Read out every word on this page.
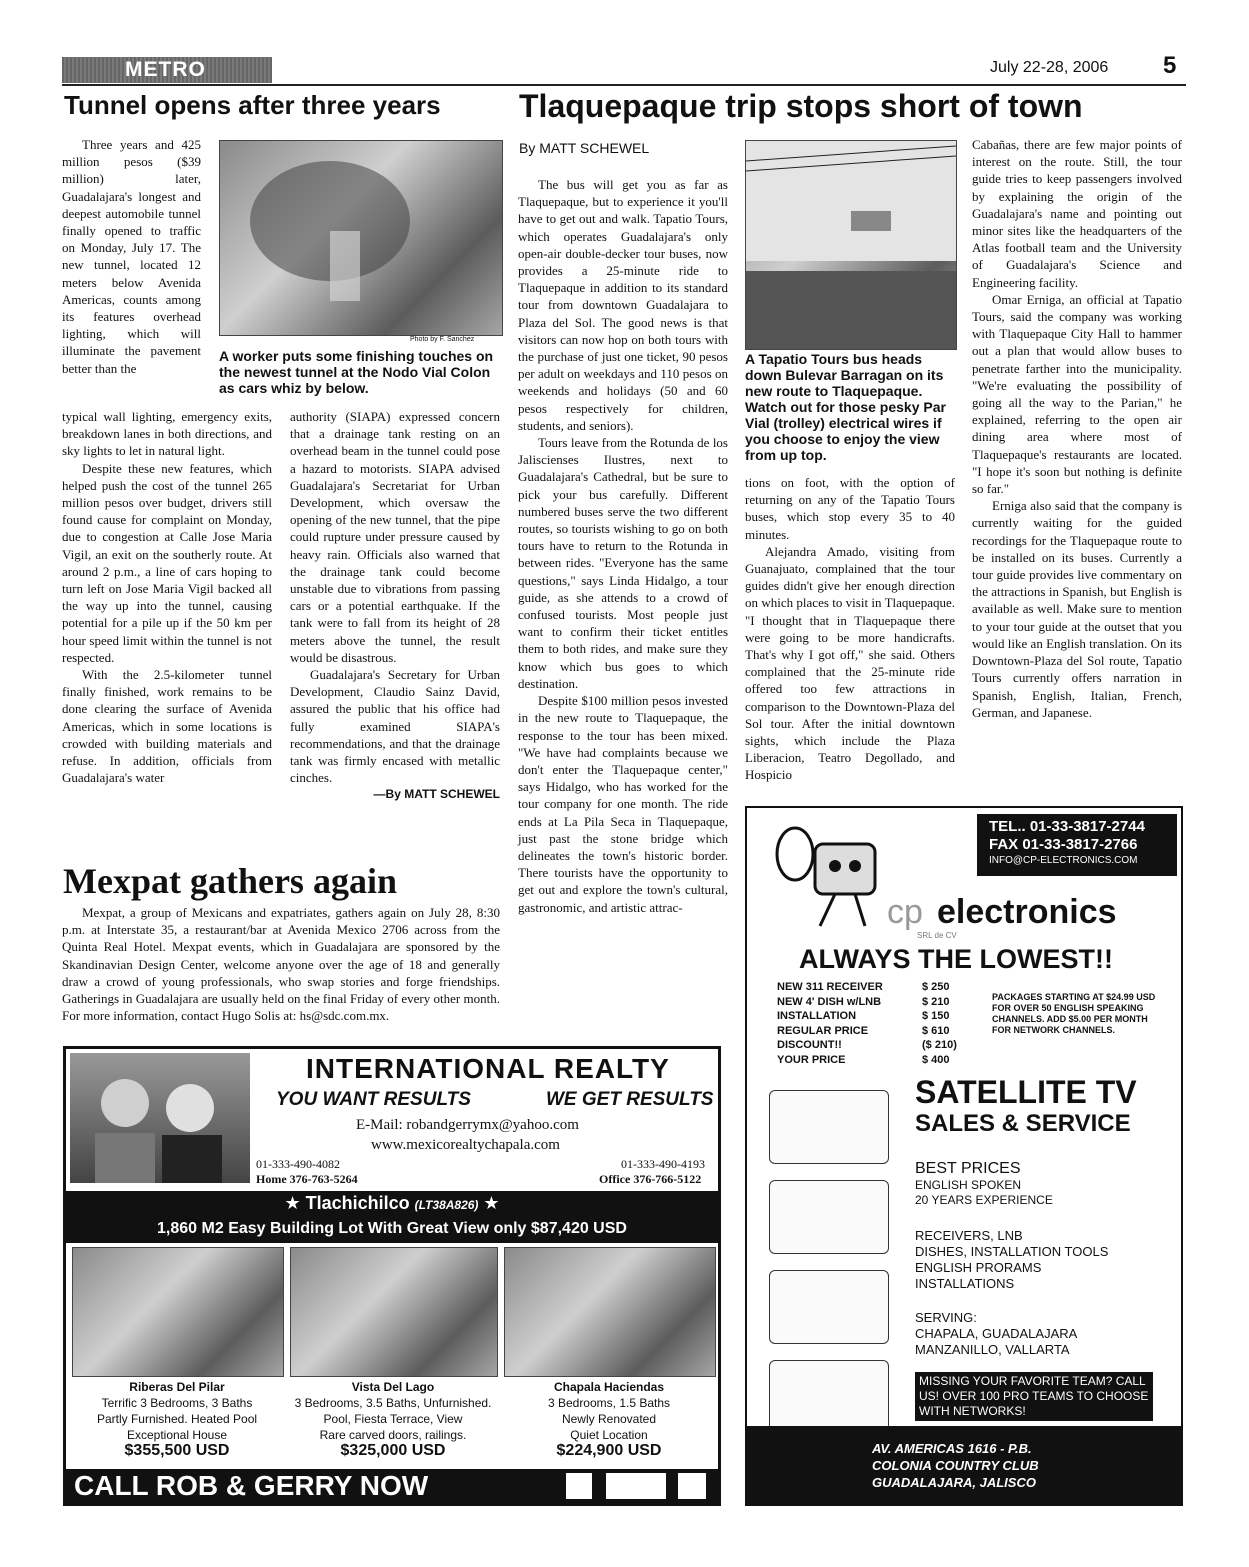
METRO	July 22-28, 2006 5
Tunnel opens after three years

Three years and 425 million pesos ($39 million) later, Guadalajara's longest and deepest automobile tunnel finally opened to traffic on Monday, July 17. The new tunnel, located 12 meters below Avenida Americas, counts among its features overhead lighting, which will illuminate the pavement better than the

Photo by F. Sanchez
A worker puts some finishing touches on the newest tunnel at the Nodo Vial Colon as cars whiz by below.

typical wall lighting, emergency exits, breakdown lanes in both directions, and sky lights to let in natural light.

Despite these new features, which helped push the cost of the tunnel 265 million pesos over budget, drivers still found cause for complaint on Monday, due to congestion at Calle Jose Maria Vigil, an exit on the southerly route. At around 2 p.m., a line of cars hoping to turn left on Jose Maria Vigil backed all the way up into the tunnel, causing potential for a pile up if the 50 km per hour speed limit within the tunnel is not respected.

With the 2.5-kilometer tunnel finally finished, work remains to be done clearing the surface of Avenida Americas, which in some locations is crowded with building materials and refuse. In addition, officials from Guadalajara's water

authority (SIAPA) expressed concern that a drainage tank resting on an overhead beam in the tunnel could pose a hazard to motorists. SIAPA advised Guadalajara's Secretariat for Urban Development, which oversaw the opening of the new tunnel, that the pipe could rupture under pressure caused by heavy rain. Officials also warned that the drainage tank could become unstable due to vibrations from passing cars or a potential earthquake. If the tank were to fall from its height of 28 meters above the tunnel, the result would be disastrous.

Guadalajara's Secretary for Urban Development, Claudio Sainz David, assured the public that his office had fully examined SIAPA's recommendations, and that the drainage tank was firmly encased with metallic cinches.

—By MATT SCHEWEL
Mexpat gathers again

Mexpat, a group of Mexicans and expatriates, gathers again on July 28, 8:30 p.m. at Interstate 35, a restaurant/bar at Avenida Mexico 2706 across from the Quinta Real Hotel. Mexpat events, which in Guadalajara are sponsored by the Skandinavian Design Center, welcome anyone over the age of 18 and generally draw a crowd of young professionals, who swap stories and forge friendships. Gatherings in Guadalajara are usually held on the final Friday of every other month. For more information, contact Hugo Solis at: hs@sdc.com.mx.

Tlaquepaque trip stops short of town
By MATT SCHEWEL

The bus will get you as far as Tlaquepaque, but to experience it you'll have to get out and walk. Tapatio Tours, which operates Guadalajara's only open-air double-decker tour buses, now provides a 25-minute ride to Tlaquepaque in addition to its standard tour from downtown Guadalajara to Plaza del Sol. The good news is that visitors can now hop on both tours with the purchase of just one ticket, 90 pesos per adult on weekdays and 110 pesos on weekends and holidays (50 and 60 pesos respectively for children, students, and seniors).

Tours leave from the Rotunda de los Jaliscienses Ilustres, next to Guadalajara's Cathedral, but be sure to pick your bus carefully. Different numbered buses serve the two different routes, so tourists wishing to go on both tours have to return to the Rotunda in between rides. "Everyone has the same questions," says Linda Hidalgo, a tour guide, as she attends to a crowd of confused tourists. Most people just want to confirm their ticket entitles them to both rides, and make sure they know which bus goes to which destination.

Despite $100 million pesos invested in the new route to Tlaquepaque, the response to the tour has been mixed. "We have had complaints because we don't enter the Tlaquepaque center," says Hidalgo, who has worked for the tour company for one month. The ride ends at La Pila Seca in Tlaquepaque, just past the stone bridge which delineates the town's historic border. There tourists have the opportunity to get out and explore the town's cultural, gastronomic, and artistic attrac-

A Tapatio Tours bus heads down Bulevar Barragan on its new route to Tlaquepaque. Watch out for those pesky Par Vial (trolley) electrical wires if you choose to enjoy the view from up top.

tions on foot, with the option of returning on any of the Tapatio Tours buses, which stop every 35 to 40 minutes.

Alejandra Amado, visiting from Guanajuato, complained that the tour guides didn't give her enough direction on which places to visit in Tlaquepaque. "I thought that in Tlaquepaque there were going to be more handicrafts. That's why I got off," she said. Others complained that the 25-minute ride offered too few attractions in comparison to the Downtown-Plaza del Sol tour. After the initial downtown sights, which include the Plaza Liberacion, Teatro Degollado, and Hospicio

Cabañas, there are few major points of interest on the route. Still, the tour guide tries to keep passengers involved by explaining the origin of the Guadalajara's name and pointing out minor sites like the headquarters of the Atlas football team and the University of Guadalajara's Science and Engineering facility.

Omar Erniga, an official at Tapatio Tours, said the company was working with Tlaquepaque City Hall to hammer out a plan that would allow buses to penetrate farther into the municipality. "We're evaluating the possibility of going all the way to the Parian," he explained, referring to the open air dining area where most of Tlaquepaque's restaurants are located. "I hope it's soon but nothing is definite so far."

Erniga also said that the company is currently waiting for the guided recordings for the Tlaquepaque route to be installed on its buses. Currently a tour guide provides live commentary on the attractions in Spanish, but English is available as well. Make sure to mention to your tour guide at the outset that you would like an English translation. On its Downtown-Plaza del Sol route, Tapatio Tours currently offers narration in Spanish, English, Italian, French, German, and Japanese.

INTERNATIONAL REALTY
YOU WANT RESULTS	WE GET RESULTS
E-Mail: robandgerrymx@yahoo.com
www.mexicorealtychapala.com
01-333-490-4082
Home 376-763-5264
01-333-490-4193
Office 376-766-5122
★ Tlachichilco (LT38A826) ★
1,860 M2 Easy Building Lot With Great View only $87,420 USD
Riberas Del Pilar
Terrific 3 Bedrooms, 3 Baths
Partly Furnished. Heated Pool
Exceptional House
$355,500 USD
Vista Del Lago
3 Bedrooms, 3.5 Baths, Unfurnished.
Pool, Fiesta Terrace, View
Rare carved doors, railings.
$325,000 USD
Chapala Haciendas
3 Bedrooms, 1.5 Baths
Newly Renovated
Quiet Location
$224,900 USD
CALL ROB & GERRY NOW
TEL.. 01-33-3817-2744
FAX 01-33-3817-2766
INFO@CP-ELECTRONICS.COM
cp electronics
SRL de CV
ALWAYS THE LOWEST!!
NEW 311 RECEIVER	$ 250
NEW 4' DISH w/LNB	$ 210
INSTALLATION	$ 150
REGULAR PRICE	$ 610
DISCOUNT!!	($ 210)
YOUR PRICE	$ 400
PACKAGES STARTING AT $24.99 USD FOR OVER 50 ENGLISH SPEAKING CHANNELS. ADD $5.00 PER MONTH FOR NETWORK CHANNELS.
SATELLITE TV
SALES & SERVICE
BEST PRICES
ENGLISH SPOKEN
20 YEARS EXPERIENCE
RECEIVERS, LNB
DISHES, INSTALLATION TOOLS
ENGLISH PRORAMS
INSTALLATIONS
SERVING:
CHAPALA, GUADALAJARA
MANZANILLO, VALLARTA
MISSING YOUR FAVORITE TEAM? CALL US! OVER 100 PRO TEAMS TO CHOOSE WITH NETWORKS!
AV. AMERICAS 1616 - P.B.
COLONIA COUNTRY CLUB
GUADALAJARA, JALISCO
